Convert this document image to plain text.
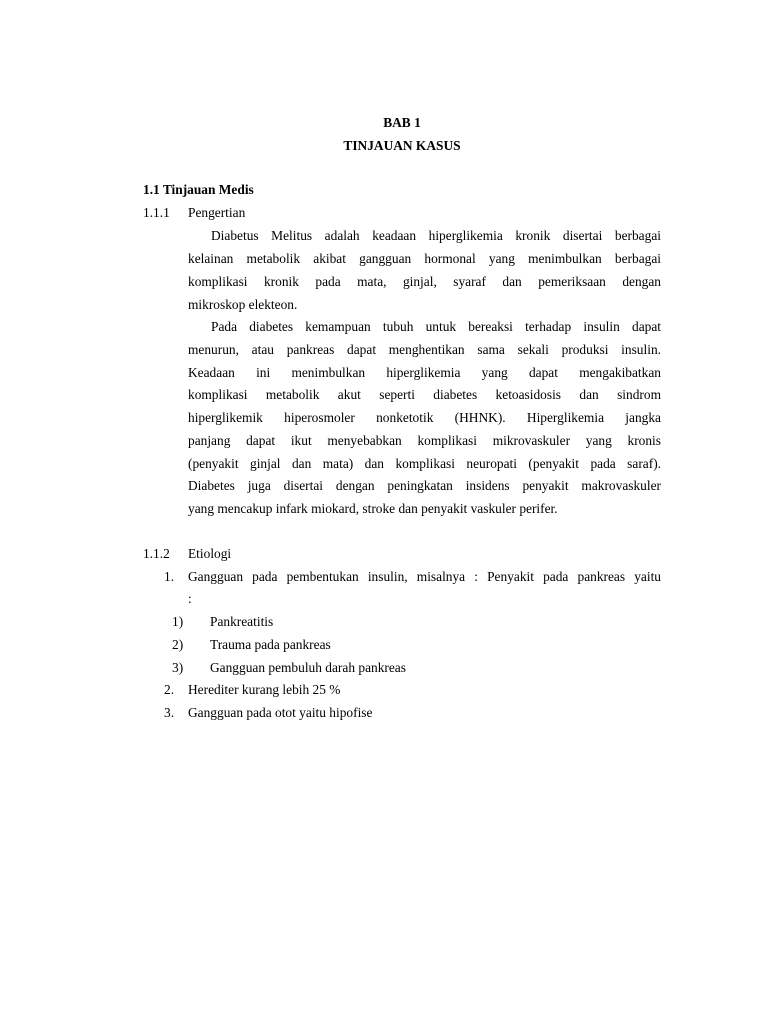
BAB 1
TINJAUAN KASUS
1.1 Tinjauan Medis
1.1.1 Pengertian
Diabetus Melitus adalah keadaan hiperglikemia kronik disertai berbagai
kelainan metabolik akibat gangguan hormonal yang menimbulkan berbagai
komplikasi kronik pada mata, ginjal, syaraf dan pemeriksaan dengan
mikroskop elekteon.
Pada diabetes kemampuan tubuh untuk bereaksi terhadap insulin dapat
menurun, atau pankreas dapat menghentikan sama sekali produksi insulin.
Keadaan ini menimbulkan hiperglikemia yang dapat mengakibatkan
komplikasi metabolik akut seperti diabetes ketoasidosis dan sindrom
hiperglikemik hiperosmoler nonketotik (HHNK). Hiperglikemia jangka
panjang dapat ikut menyebabkan komplikasi mikrovaskuler yang kronis
(penyakit ginjal dan mata) dan komplikasi neuropati (penyakit pada saraf).
Diabetes juga disertai dengan peningkatan insidens penyakit makrovaskuler
yang mencakup infark miokard, stroke dan penyakit vaskuler perifer.
1.1.2 Etiologi
1. Gangguan pada pembentukan insulin, misalnya : Penyakit pada pankreas yaitu
:
1) Pankreatitis
2) Trauma pada pankreas
3) Gangguan pembuluh darah pankreas
2. Herediter kurang lebih 25 %
3. Gangguan pada otot yaitu hipofise
